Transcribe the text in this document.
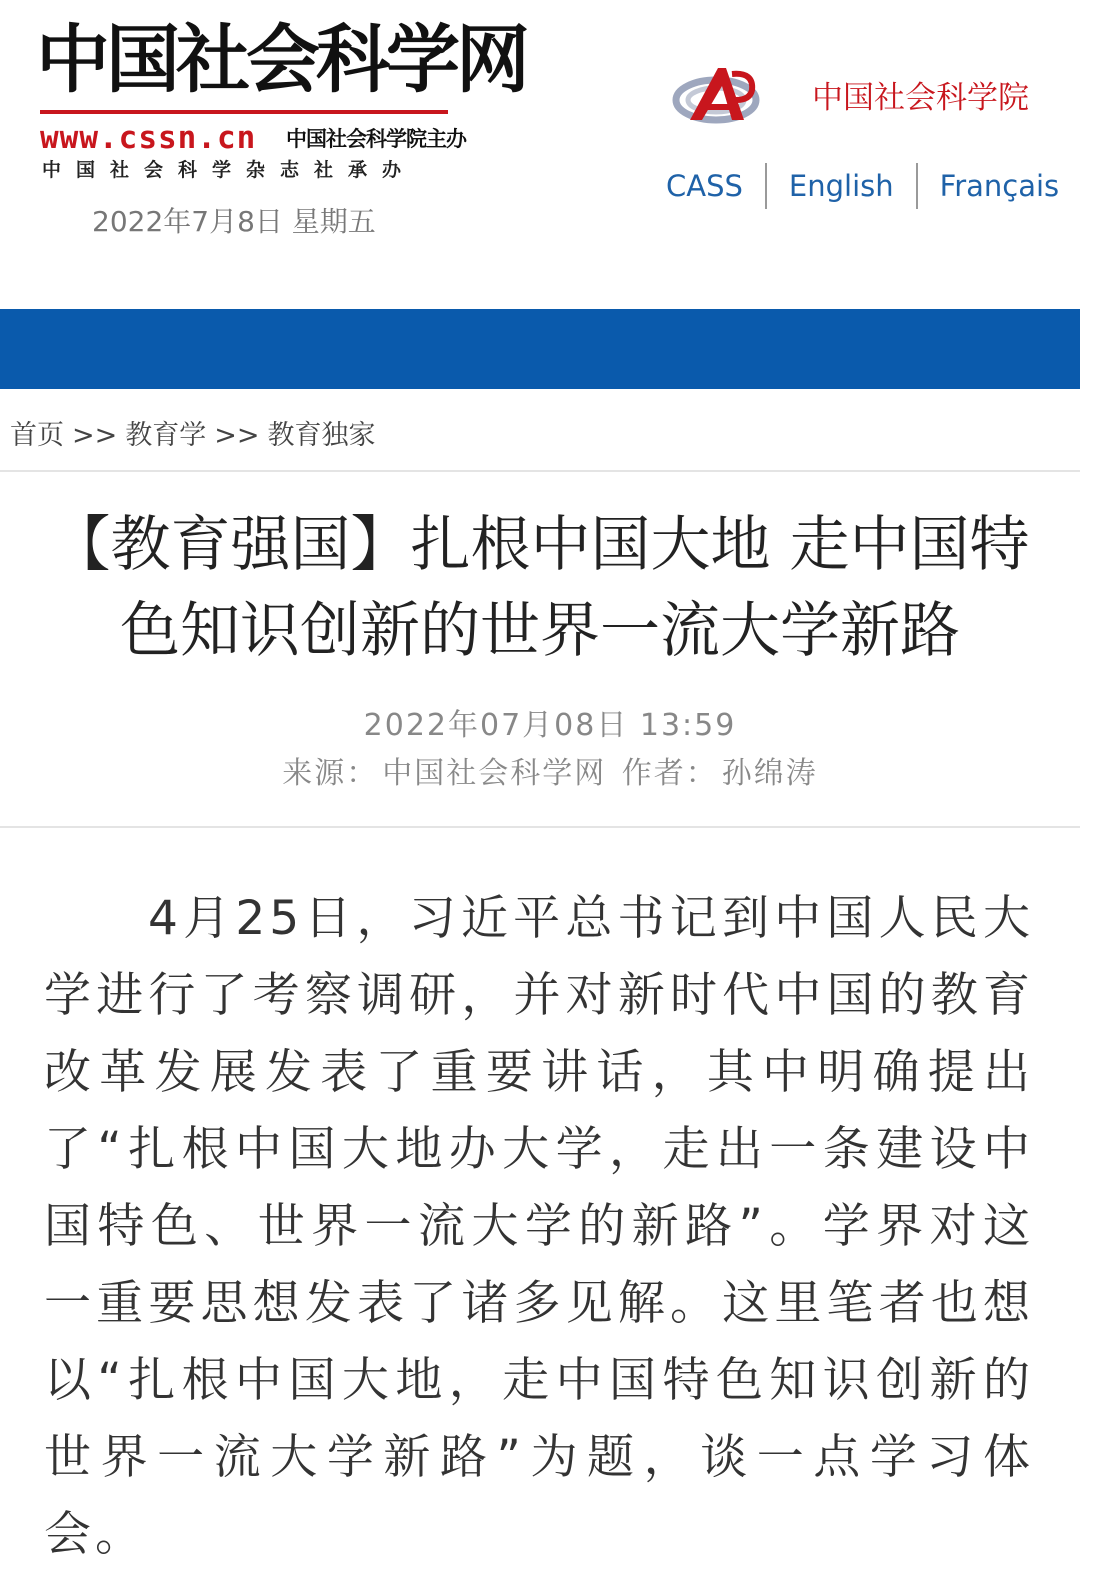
中国社会科学网
www.cssn.cn 中国社会科学院主办
中国社会科学杂志社承办
2022年7月8日 星期五
中国社会科学院
CASS English Français
首页 >> 教育学 >> 教育独家
【教育强国】扎根中国大地 走中国特色知识创新的世界一流大学新路
2022年07月08日 13:59
来源： 中国社会科学网 作者： 孙绵涛

4月25日，习近平总书记到中国人民大学进行了考察调研，并对新时代中国的教育改革发展发表了重要讲话，其中明确提出了“扎根中国大地办大学，走出一条建设中国特色、世界一流大学的新路”。学界对这一重要思想发表了诸多见解。这里笔者也想以“扎根中国大地，走中国特色知识创新的世界一流大学新路”为题，谈一点学习体会。
